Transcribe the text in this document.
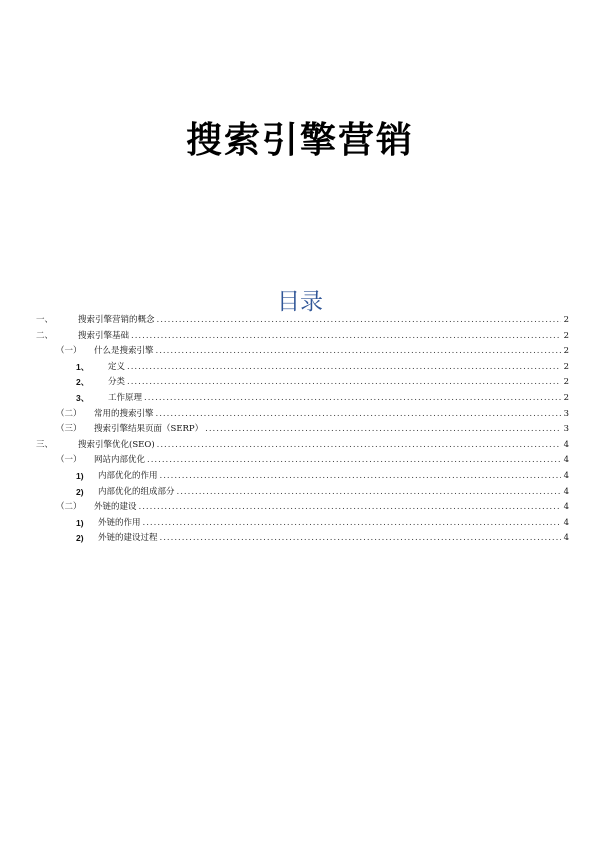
搜索引擎营销
目录
一、	搜索引擎营销的概念 .....	2
二、	搜索引擎基础 .....	2
（一）	什么是搜索引擎 .....	2
1、	定义 .....	2
2、	分类 .....	2
3、	工作原理 .....	2
（二）	常用的搜索引擎 .....	3
（三）	搜索引擎结果页面（SERP） .....	3
三、	搜索引擎优化(SEO) .....	4
（一）	网站内部优化 .....	4
1)	内部优化的作用 .....	4
2)	内部优化的组成部分 .....	4
（二）	外链的建设 .....	4
1)	外链的作用 .....	4
2)	外链的建设过程 .....	4
